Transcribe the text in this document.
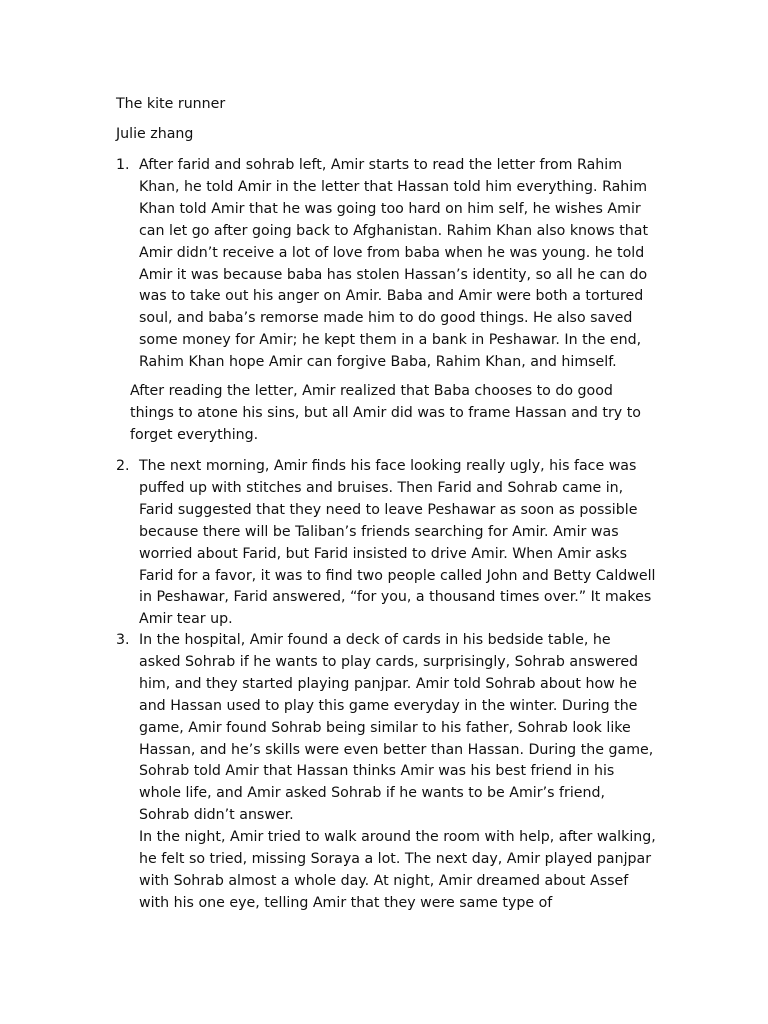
The kite runner
Julie zhang
1. After farid and sohrab left, Amir starts to read the letter from Rahim Khan, he told Amir in the letter that Hassan told him everything. Rahim Khan told Amir that he was going too hard on him self, he wishes Amir can let go after going back to Afghanistan. Rahim Khan also knows that Amir didn’t receive a lot of love from baba when he was young. he told Amir it was because baba has stolen Hassan’s identity, so all he can do was to take out his anger on Amir. Baba and Amir were both a tortured soul, and baba’s remorse made him to do good things. He also saved some money for Amir; he kept them in a bank in Peshawar. In the end, Rahim Khan hope Amir can forgive Baba, Rahim Khan, and himself.

After reading the letter, Amir realized that Baba chooses to do good things to atone his sins, but all Amir did was to frame Hassan and try to forget everything.

2. The next morning, Amir finds his face looking really ugly, his face was puffed up with stitches and bruises. Then Farid and Sohrab came in, Farid suggested that they need to leave Peshawar as soon as possible because there will be Taliban’s friends searching for Amir. Amir was worried about Farid, but Farid insisted to drive Amir. When Amir asks Farid for a favor, it was to find two people called John and Betty Caldwell in Peshawar, Farid answered, “for you, a thousand times over.” It makes Amir tear up.

3. In the hospital, Amir found a deck of cards in his bedside table, he asked Sohrab if he wants to play cards, surprisingly, Sohrab answered him, and they started playing panjpar. Amir told Sohrab about how he and Hassan used to play this game everyday in the winter. During the game, Amir found Sohrab being similar to his father, Sohrab look like Hassan, and he’s skills were even better than Hassan. During the game, Sohrab told Amir that Hassan thinks Amir was his best friend in his whole life, and Amir asked Sohrab if he wants to be Amir’s friend, Sohrab didn’t answer.

In the night, Amir tried to walk around the room with help, after walking, he felt so tried, missing Soraya a lot. The next day, Amir played panjpar with Sohrab almost a whole day. At night, Amir dreamed about Assef with his one eye, telling Amir that they were same type of
